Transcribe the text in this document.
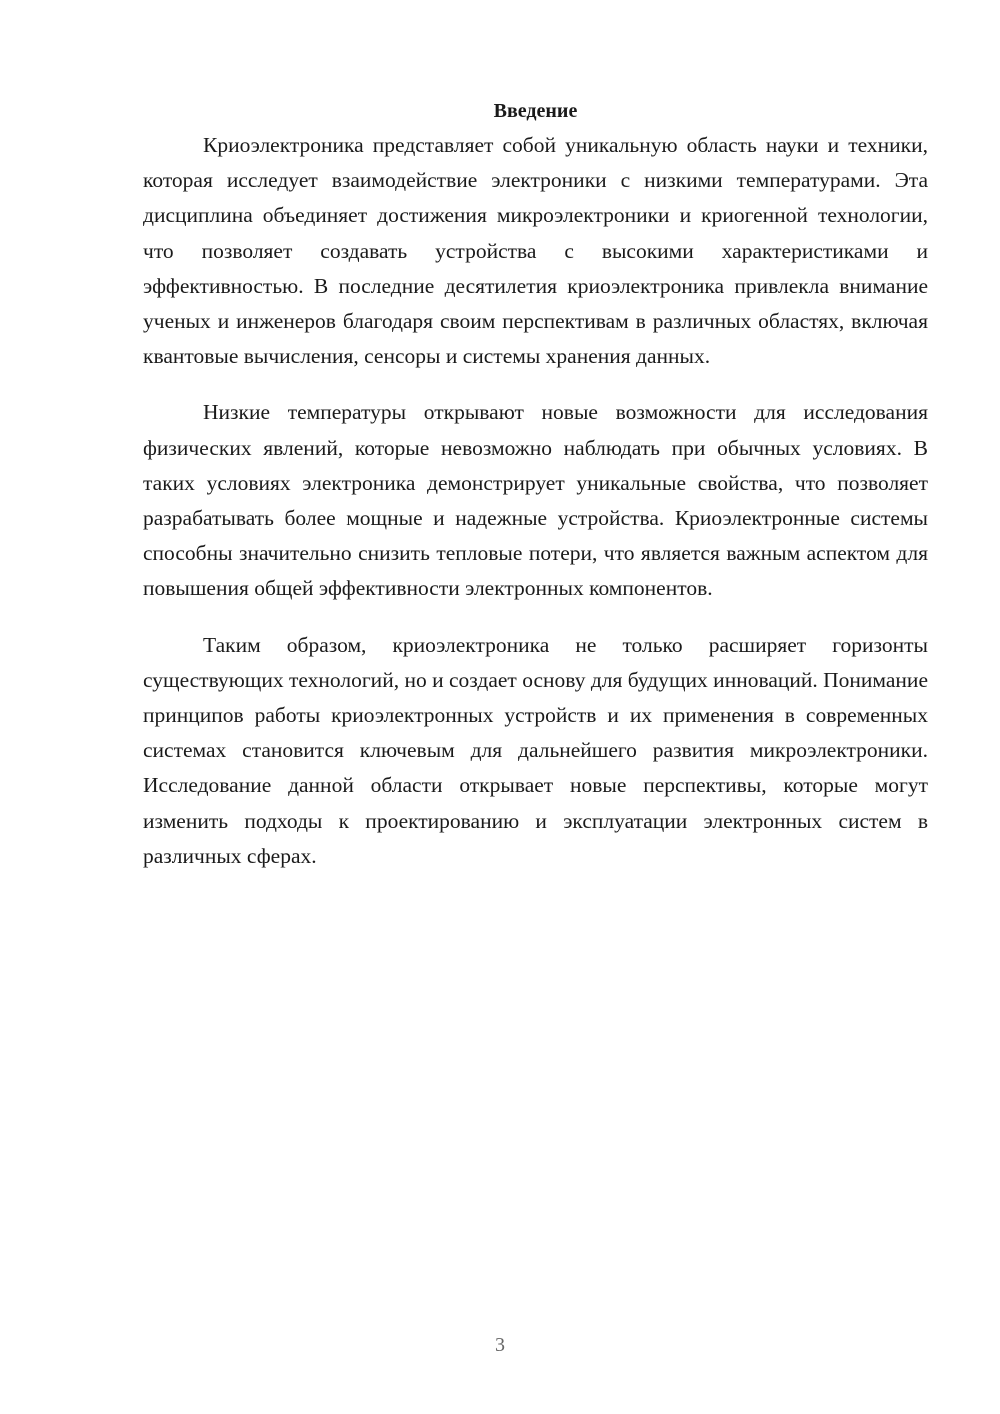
Введение

Криоэлектроника представляет собой уникальную область науки и техники, которая исследует взаимодействие электроники с низкими температурами. Эта дисциплина объединяет достижения микроэлектроники и криогенной технологии, что позволяет создавать устройства с высокими характеристиками и эффективностью. В последние десятилетия криоэлектроника привлекла внимание ученых и инженеров благодаря своим перспективам в различных областях, включая квантовые вычисления, сенсоры и системы хранения данных.

Низкие температуры открывают новые возможности для исследования физических явлений, которые невозможно наблюдать при обычных условиях. В таких условиях электроника демонстрирует уникальные свойства, что позволяет разрабатывать более мощные и надежные устройства. Криоэлектронные системы способны значительно снизить тепловые потери, что является важным аспектом для повышения общей эффективности электронных компонентов.

Таким образом, криоэлектроника не только расширяет горизонты существующих технологий, но и создает основу для будущих инноваций. Понимание принципов работы криоэлектронных устройств и их применения в современных системах становится ключевым для дальнейшего развития микроэлектроники. Исследование данной области открывает новые перспективы, которые могут изменить подходы к проектированию и эксплуатации электронных систем в различных сферах.

3
